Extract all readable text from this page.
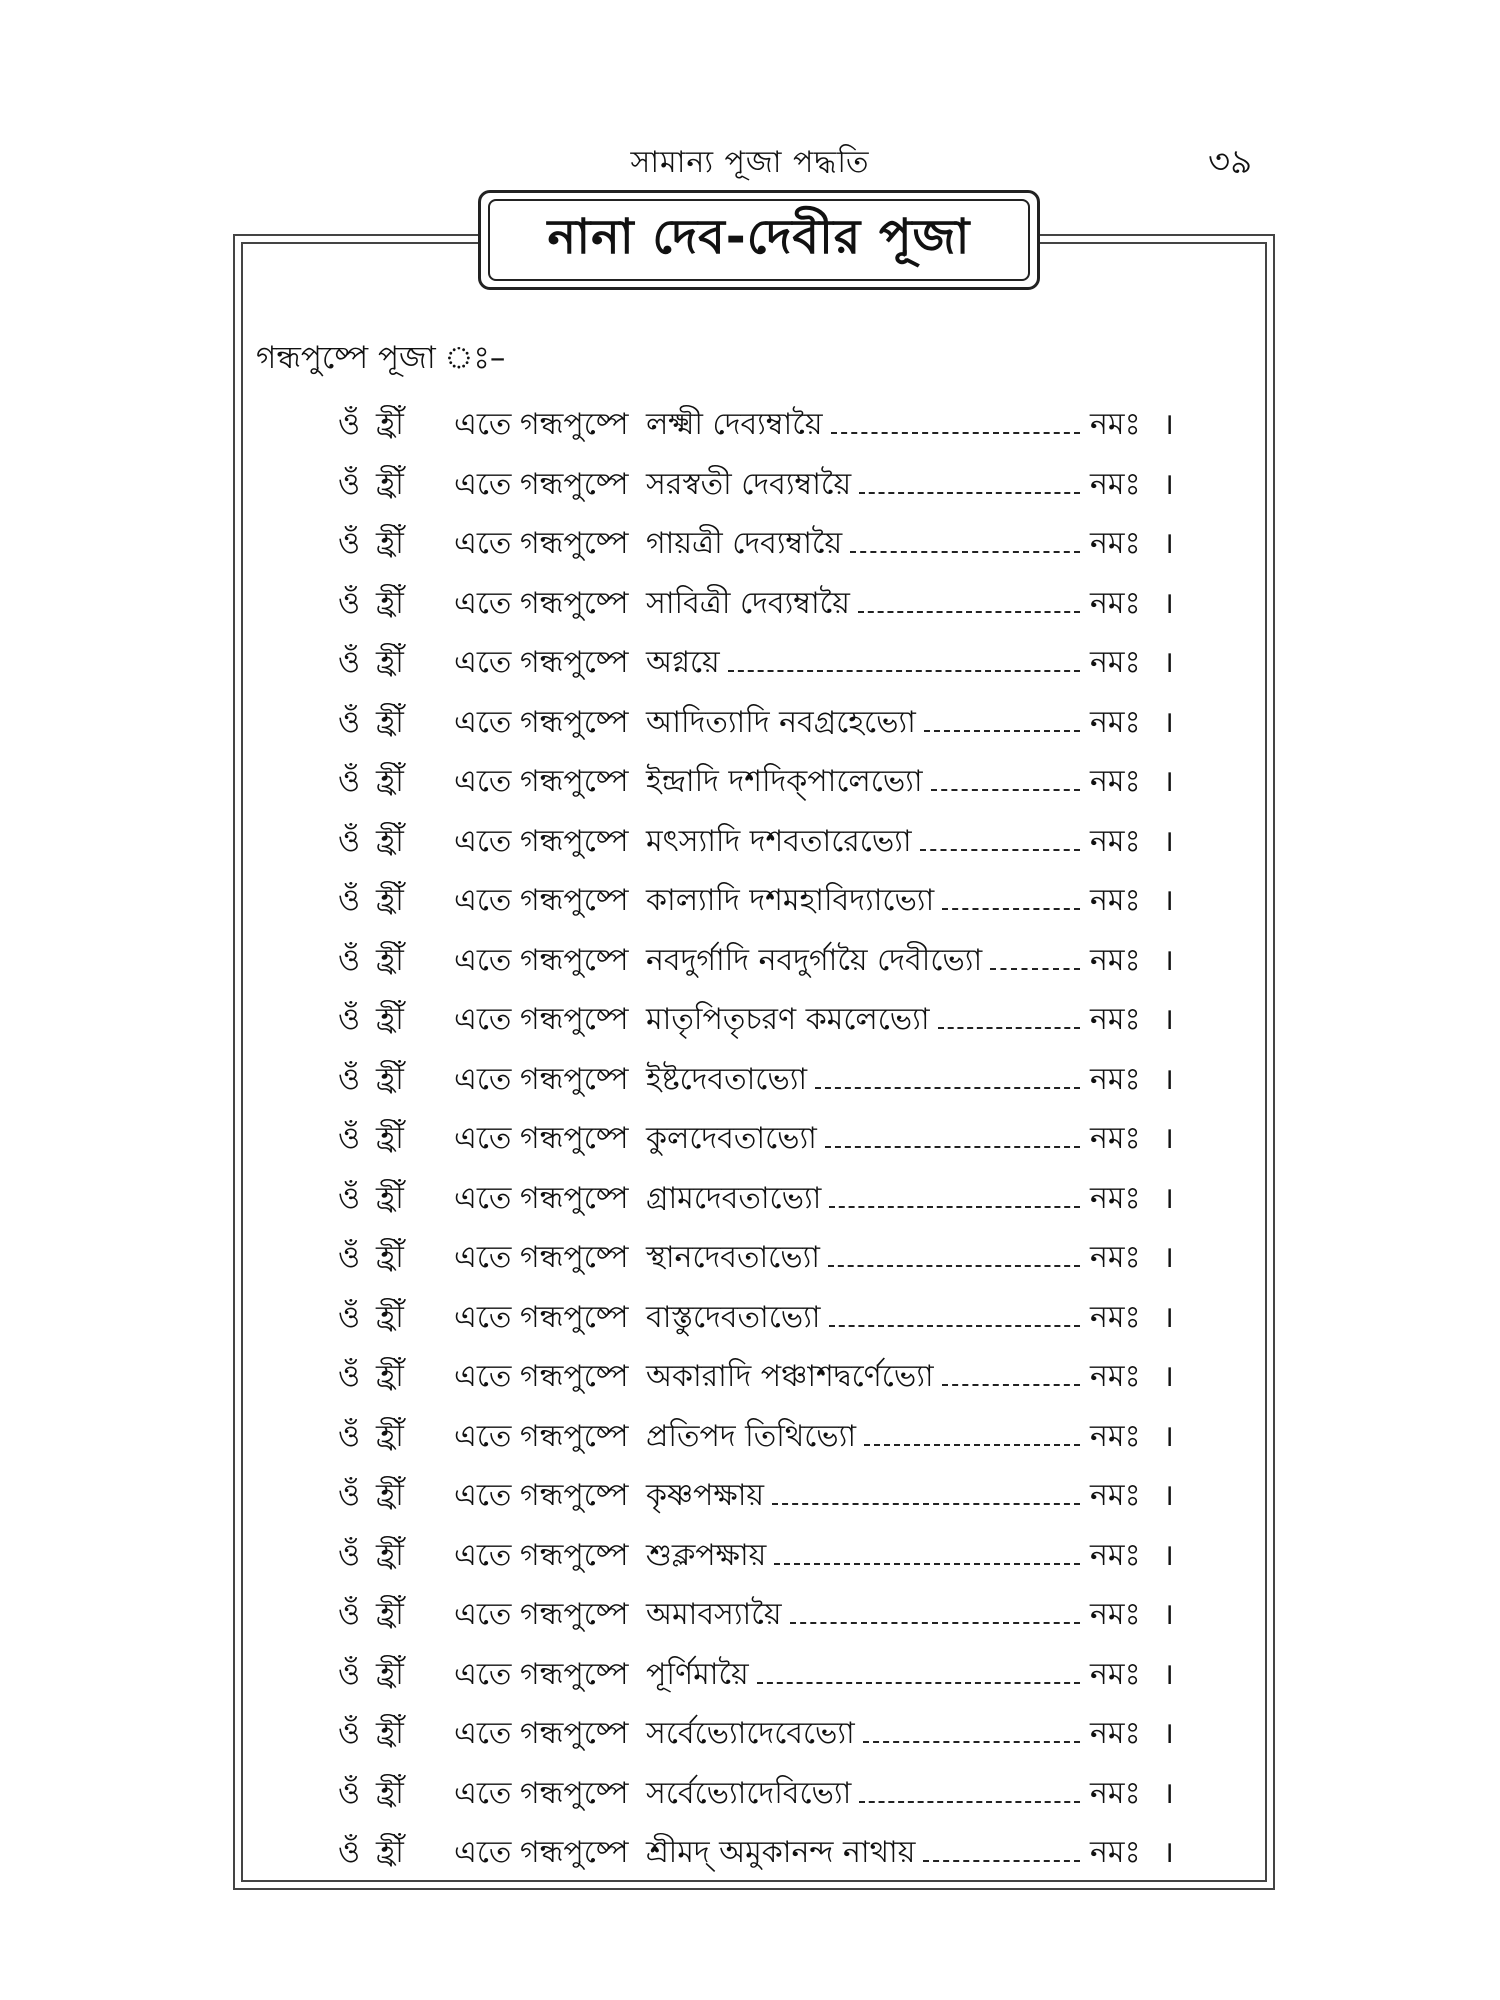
সামান্য পূজা পদ্ধতি	৩৯
নানা দেব-দেবীর পূজা
গন্ধপুষ্পে পূজা ঃ–
ওঁ হ্রীঁ	এতে গন্ধপুষ্পে লক্ষ্মী দেব্যম্বায়ৈ	নমঃ ।
ওঁ হ্রীঁ	এতে গন্ধপুষ্পে সরস্বতী দেব্যম্বায়ৈ	নমঃ ।
ওঁ হ্রীঁ	এতে গন্ধপুষ্পে গায়ত্রী দেব্যম্বায়ৈ	নমঃ ।
ওঁ হ্রীঁ	এতে গন্ধপুষ্পে সাবিত্রী দেব্যম্বায়ৈ	নমঃ ।
ওঁ হ্রীঁ	এতে গন্ধপুষ্পে অগ্নয়ে	নমঃ ।
ওঁ হ্রীঁ	এতে গন্ধপুষ্পে আদিত্যাদি নবগ্রহেভ্যো	নমঃ ।
ওঁ হ্রীঁ	এতে গন্ধপুষ্পে ইন্দ্রাদি দশদিক্‌পালেভ্যো	নমঃ ।
ওঁ হ্রীঁ	এতে গন্ধপুষ্পে মৎস্যাদি দশবতারেভ্যো	নমঃ ।
ওঁ হ্রীঁ	এতে গন্ধপুষ্পে কাল্যাদি দশমহাবিদ্যাভ্যো	নমঃ ।
ওঁ হ্রীঁ	এতে গন্ধপুষ্পে নবদুর্গাদি নবদুর্গায়ৈ দেবীভ্যো	নমঃ ।
ওঁ হ্রীঁ	এতে গন্ধপুষ্পে মাতৃপিতৃচরণ কমলেভ্যো	নমঃ ।
ওঁ হ্রীঁ	এতে গন্ধপুষ্পে ইষ্টদেবতাভ্যো	নমঃ ।
ওঁ হ্রীঁ	এতে গন্ধপুষ্পে কুলদেবতাভ্যো	নমঃ ।
ওঁ হ্রীঁ	এতে গন্ধপুষ্পে গ্রামদেবতাভ্যো	নমঃ ।
ওঁ হ্রীঁ	এতে গন্ধপুষ্পে স্থানদেবতাভ্যো	নমঃ ।
ওঁ হ্রীঁ	এতে গন্ধপুষ্পে বাস্তুদেবতাভ্যো	নমঃ ।
ওঁ হ্রীঁ	এতে গন্ধপুষ্পে অকারাদি পঞ্চাশদ্বর্ণেভ্যো	নমঃ ।
ওঁ হ্রীঁ	এতে গন্ধপুষ্পে প্রতিপদ তিথিভ্যো	নমঃ ।
ওঁ হ্রীঁ	এতে গন্ধপুষ্পে কৃষ্ণপক্ষায়	নমঃ ।
ওঁ হ্রীঁ	এতে গন্ধপুষ্পে শুক্লপক্ষায়	নমঃ ।
ওঁ হ্রীঁ	এতে গন্ধপুষ্পে অমাবস্যায়ৈ	নমঃ ।
ওঁ হ্রীঁ	এতে গন্ধপুষ্পে পূর্ণিমায়ৈ	নমঃ ।
ওঁ হ্রীঁ	এতে গন্ধপুষ্পে সর্বেভ্যোদেবেভ্যো	নমঃ ।
ওঁ হ্রীঁ	এতে গন্ধপুষ্পে সর্বেভ্যোদেবিভ্যো	নমঃ ।
ওঁ হ্রীঁ	এতে গন্ধপুষ্পে শ্রীমদ্‌ অমুকানন্দ নাথায়	নমঃ ।
